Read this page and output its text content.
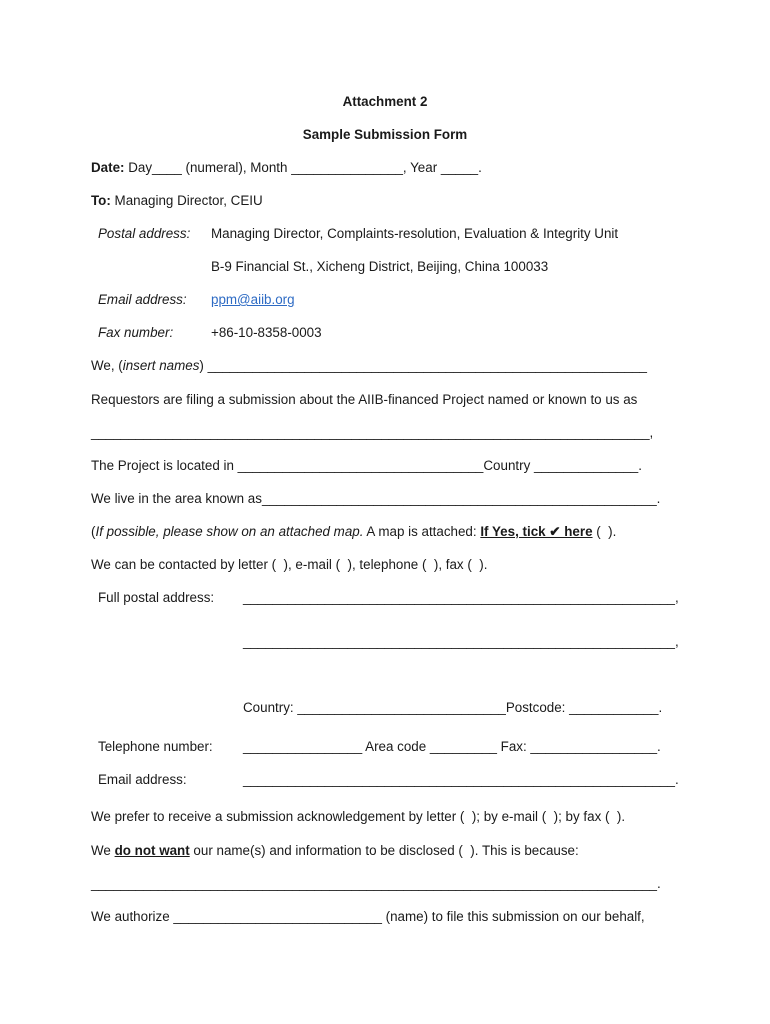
Attachment 2
Sample Submission Form
Date: Day____ (numeral), Month _______________, Year _____.
To: Managing Director, CEIU
Postal address: Managing Director, Complaints-resolution, Evaluation & Integrity Unit
B-9 Financial St., Xicheng District, Beijing, China 100033
Email address: ppm@aiib.org
Fax number:	+86-10-8358-0003
We, (insert names) ___________________________________________________________
Requestors are filing a submission about the AIIB-financed Project named or known to us as
___________________________________________________________________________,
The Project is located in _________________________________Country ______________.
We live in the area known as_____________________________________________________.
(If possible, please show on an attached map. A map is attached: If Yes, tick ✔ here (  ).
We can be contacted by letter (  ), e-mail (  ), telephone (  ), fax (  ).
Full postal address: __________________________________________________________,
__________________________________________________________,
Country: ____________________________Postcode: ____________.
Telephone number: ________________ Area code _________ Fax: _________________.
Email address:	__________________________________________________________.
We prefer to receive a submission acknowledgement by letter (  ); by e-mail (  ); by fax (  ).
We do not want our name(s) and information to be disclosed (  ). This is because:
____________________________________________________________________________.
We authorize ____________________________ (name) to file this submission on our behalf,
